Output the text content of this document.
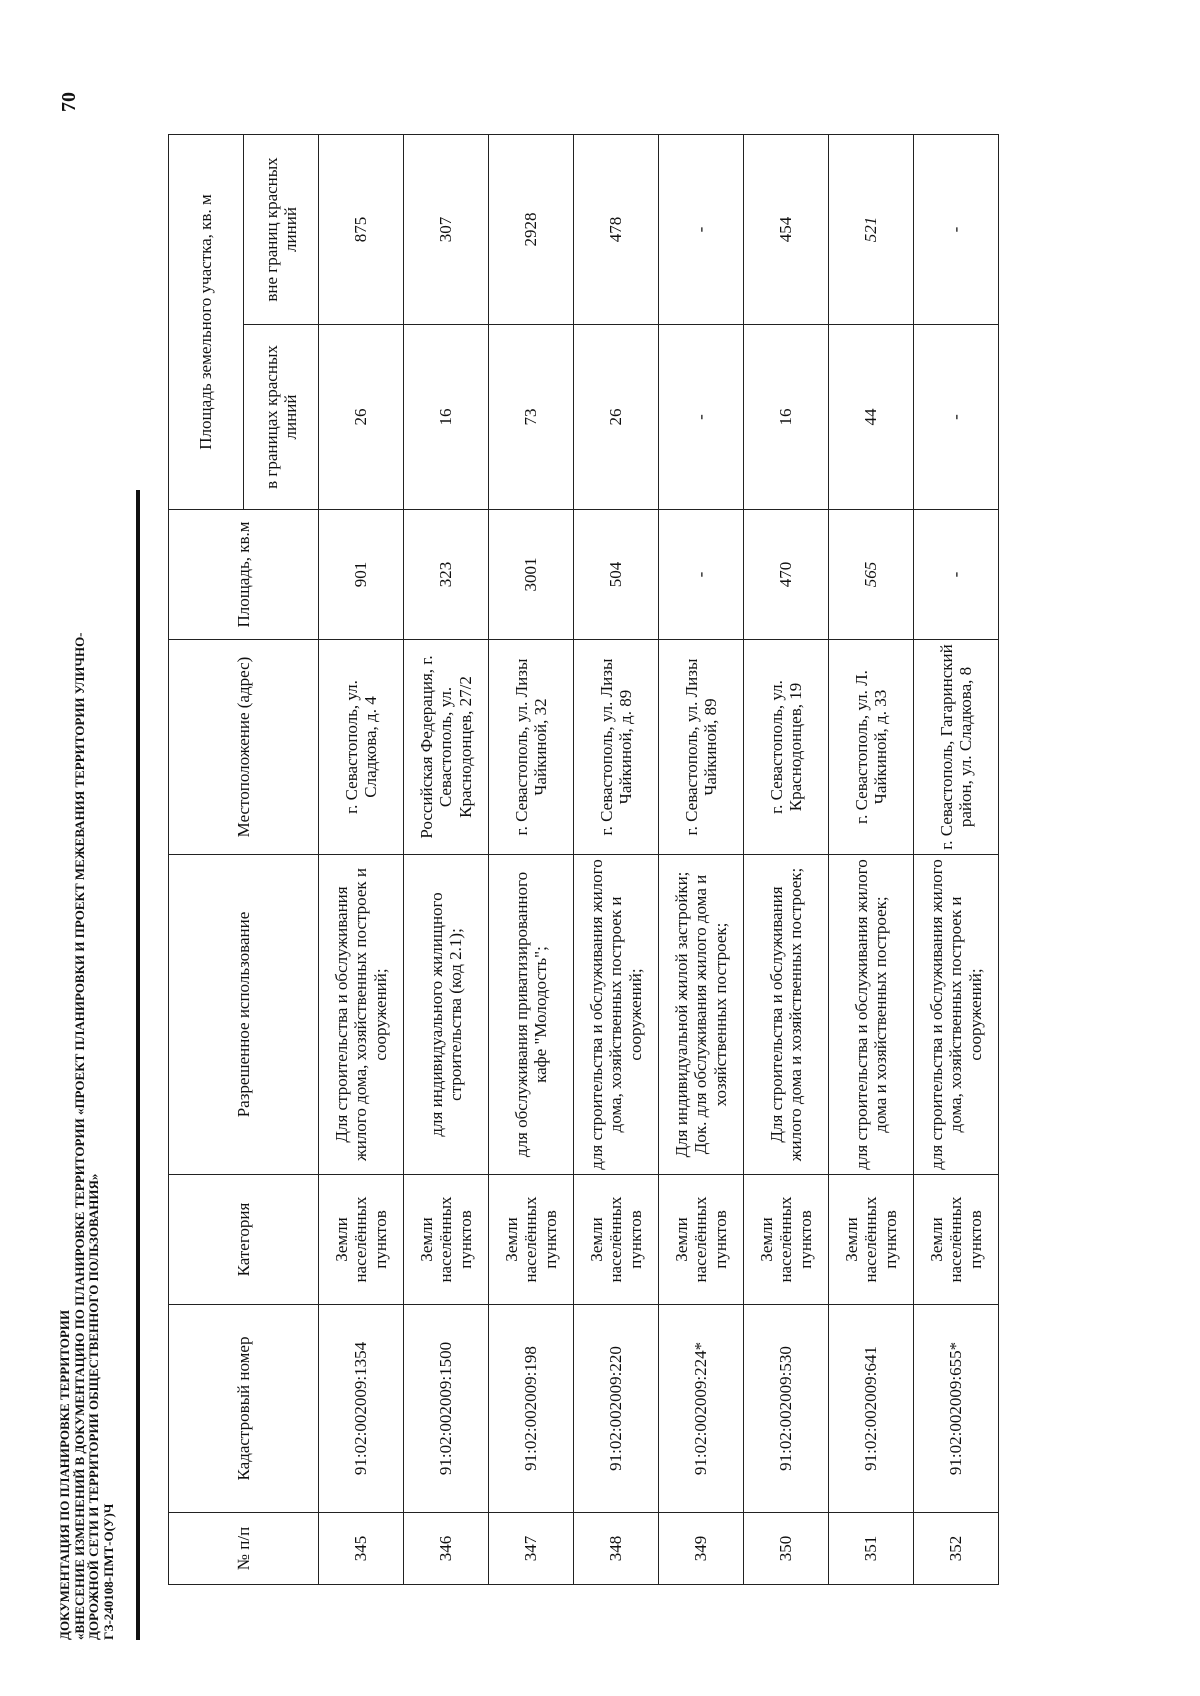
ДОКУМЕНТАЦИЯ ПО ПЛАНИРОВКЕ ТЕРРИТОРИИ «ВНЕСЕНИЕ ИЗМЕНЕНИЙ В ДОКУМЕНТАЦИЮ ПО ПЛАНИРОВКЕ ТЕРРИТОРИИ «ПРОЕКТ ПЛАНИРОВКИ И ПРОЕКТ МЕЖЕВАНИЯ ТЕРРИТОРИИ УЛИЧНО- ДОРОЖНОЙ СЕТИ И ТЕРРИТОРИИ ОБЩЕСТВЕННОГО ПОЛЬЗОВАНИЯ» ГЗ-240108-ПМТ-О(У)Ч
70
№ п/п	Кадастровый номер	Категория	Разрешенное использование	Местоположение (адрес)	Площадь, кв.м	Площадь земельного участка, кв. м	
						в границах красных линий	вне границ красных линий
345	91:02:002009:1354	Земли населённых пунктов	Для строительства и обслуживания жилого дома, хозяйственных построек и сооружений;	г. Севастополь, ул. Сладкова, д. 4	901	26	875
346	91:02:002009:1500	Земли населённых пунктов	для индивидуального жилищного строительства (код 2.1);	Российская Федерация, г. Севастополь, ул. Краснодонцев, 27/2	323	16	307
347	91:02:002009:198	Земли населённых пунктов	для обслуживания приватизированного кафе "Молодость";	г. Севастополь, ул. Лизы Чайкиной, 32	3001	73	2928
348	91:02:002009:220	Земли населённых пунктов	для строительства и обслуживания жилого дома, хозяйственных построек и сооружений;	г. Севастополь, ул. Лизы Чайкиной, д. 89	504	26	478
349	91:02:002009:224*	Земли населённых пунктов	Для индивидуальной жилой застройки; Док. для обслуживания жилого дома и хозяйственных построек;	г. Севастополь, ул. Лизы Чайкиной, 89	-	-	-
350	91:02:002009:530	Земли населённых пунктов	Для строительства и обслуживания жилого дома и хозяйственных построек;	г. Севастополь, ул. Краснодонцев, 19	470	16	454
351	91:02:002009:641	Земли населённых пунктов	для строительства и обслуживания жилого дома и хозяйственных построек;	г. Севастополь, ул. Л. Чайкиной, д. 33	565	44	521
352	91:02:002009:655*	Земли населённых пунктов	для строительства и обслуживания жилого дома, хозяйственных построек и сооружений;	г. Севастополь, Гагаринский район, ул. Сладкова, 8	-	-	-
